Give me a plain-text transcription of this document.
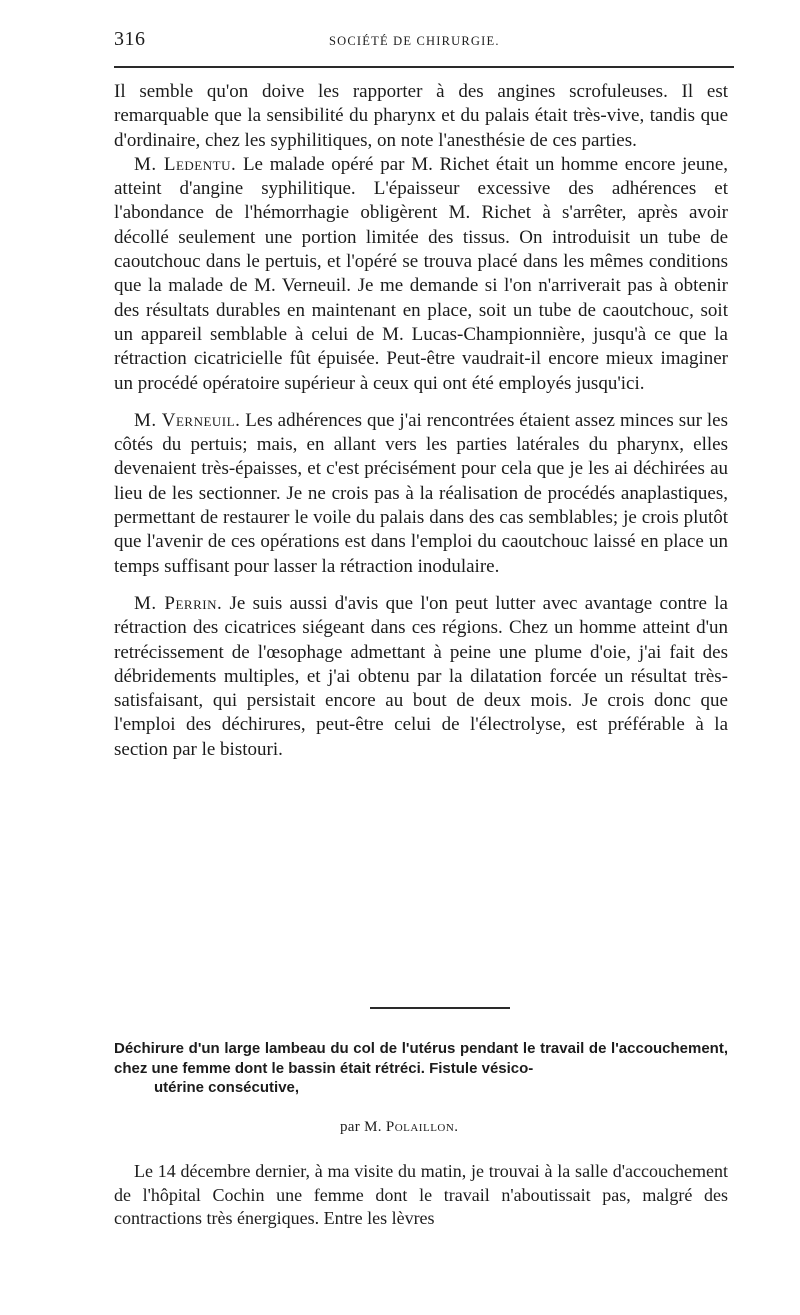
316	SOCIÉTÉ DE CHIRURGIE.

Il semble qu'on doive les rapporter à des angines scrofuleuses. Il est remarquable que la sensibilité du pharynx et du palais était très-vive, tandis que d'ordinaire, chez les syphilitiques, on note l'anesthésie de ces parties.

M. Ledentu. Le malade opéré par M. Richet était un homme encore jeune, atteint d'angine syphilitique. L'épaisseur excessive des adhérences et l'abondance de l'hémorrhagie obligèrent M. Richet à s'arrêter, après avoir décollé seulement une portion limitée des tissus. On introduisit un tube de caoutchouc dans le pertuis, et l'opéré se trouva placé dans les mêmes conditions que la malade de M. Verneuil. Je me demande si l'on n'arriverait pas à obtenir des résultats durables en maintenant en place, soit un tube de caoutchouc, soit un appareil semblable à celui de M. Lucas-Championnière, jusqu'à ce que la rétraction cicatricielle fût épuisée. Peut-être vaudrait-il encore mieux imaginer un procédé opératoire supérieur à ceux qui ont été employés jusqu'ici.

M. Verneuil. Les adhérences que j'ai rencontrées étaient assez minces sur les côtés du pertuis; mais, en allant vers les parties latérales du pharynx, elles devenaient très-épaisses, et c'est précisément pour cela que je les ai déchirées au lieu de les sectionner. Je ne crois pas à la réalisation de procédés anaplastiques, permettant de restaurer le voile du palais dans des cas semblables; je crois plutôt que l'avenir de ces opérations est dans l'emploi du caoutchouc laissé en place un temps suffisant pour lasser la rétraction inodulaire.

M. Perrin. Je suis aussi d'avis que l'on peut lutter avec avantage contre la rétraction des cicatrices siégeant dans ces régions. Chez un homme atteint d'un retrécissement de l'œsophage admettant à peine une plume d'oie, j'ai fait des débridements multiples, et j'ai obtenu par la dilatation forcée un résultat très-satisfaisant, qui persistait encore au bout de deux mois. Je crois donc que l'emploi des déchirures, peut-être celui de l'électrolyse, est préférable à la section par le bistouri.

Déchirure d'un large lambeau du col de l'utérus pendant le travail de l'accouchement, chez une femme dont le bassin était rétréci. Fistule vésico-
utérine consécutive,
par M. Polaillon.

Le 14 décembre dernier, à ma visite du matin, je trouvai à la salle d'accouchement de l'hôpital Cochin une femme dont le travail n'aboutissait pas, malgré des contractions très énergiques. Entre les lèvres
